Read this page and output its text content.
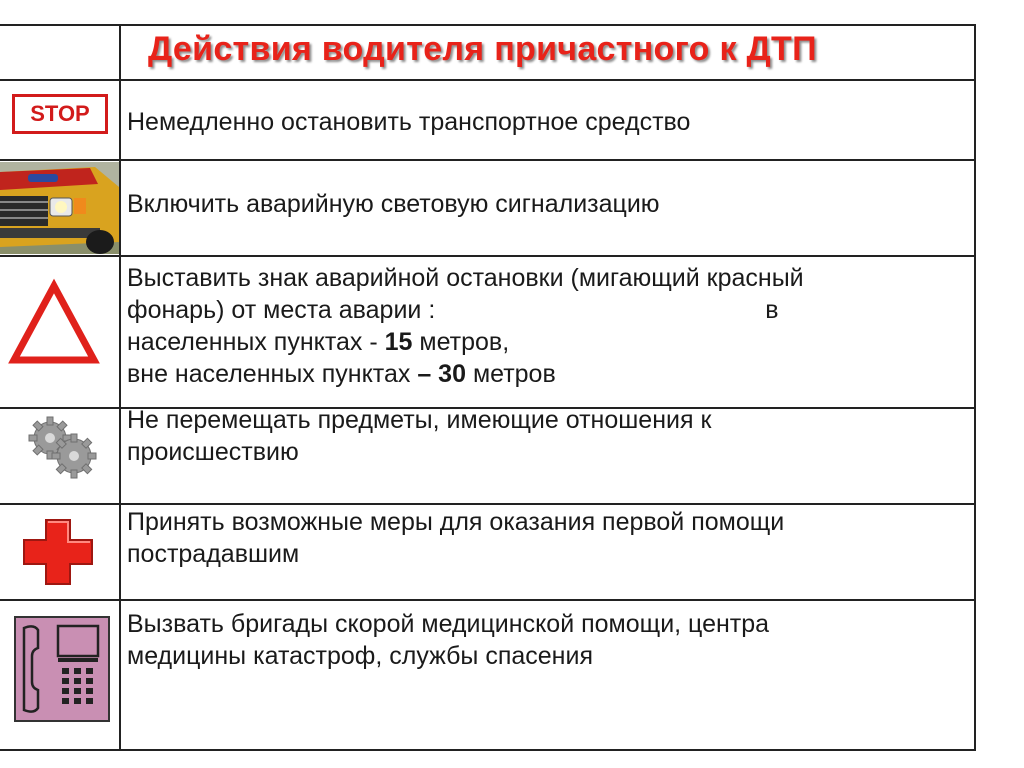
Действия водителя причастного к ДТП
STOP Немедленно остановить транспортное средство
Включить аварийную световую сигнализацию
Выставить знак аварийной остановки (мигающий красный
фонарь) от места аварии :	в
населенных пунктах - 15 метров,
вне населенных пунктах – 30 метров
Не перемещать предметы, имеющие отношения к
происшествию
Принять возможные меры для оказания первой помощи
пострадавшим
Вызвать бригады скорой медицинской помощи, центра
медицины катастроф, службы спасения
